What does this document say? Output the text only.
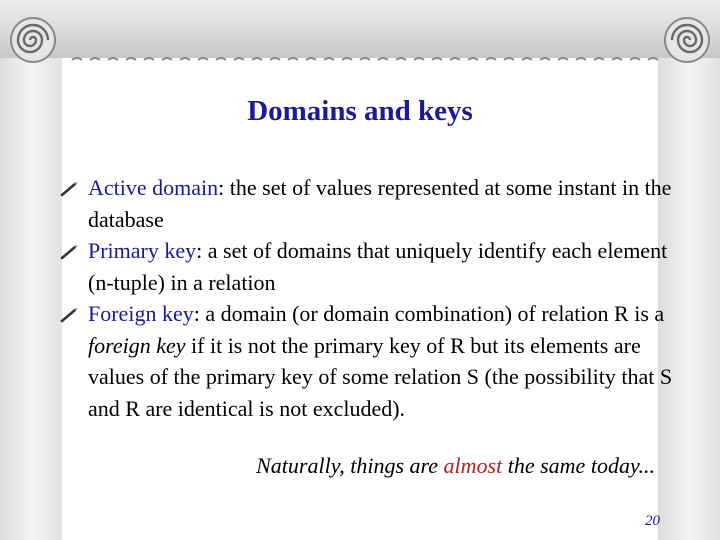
Domains and keys
Active domain: the set of values represented at some instant in the database
Primary key: a set of domains that uniquely identify each element (n-tuple) in a relation
Foreign key: a domain (or domain combination) of relation R is a foreign key if it is not the primary key of R but its elements are values of the primary key of some relation S (the possibility that S and R are identical is not excluded).
Naturally, things are almost the same today...
20
